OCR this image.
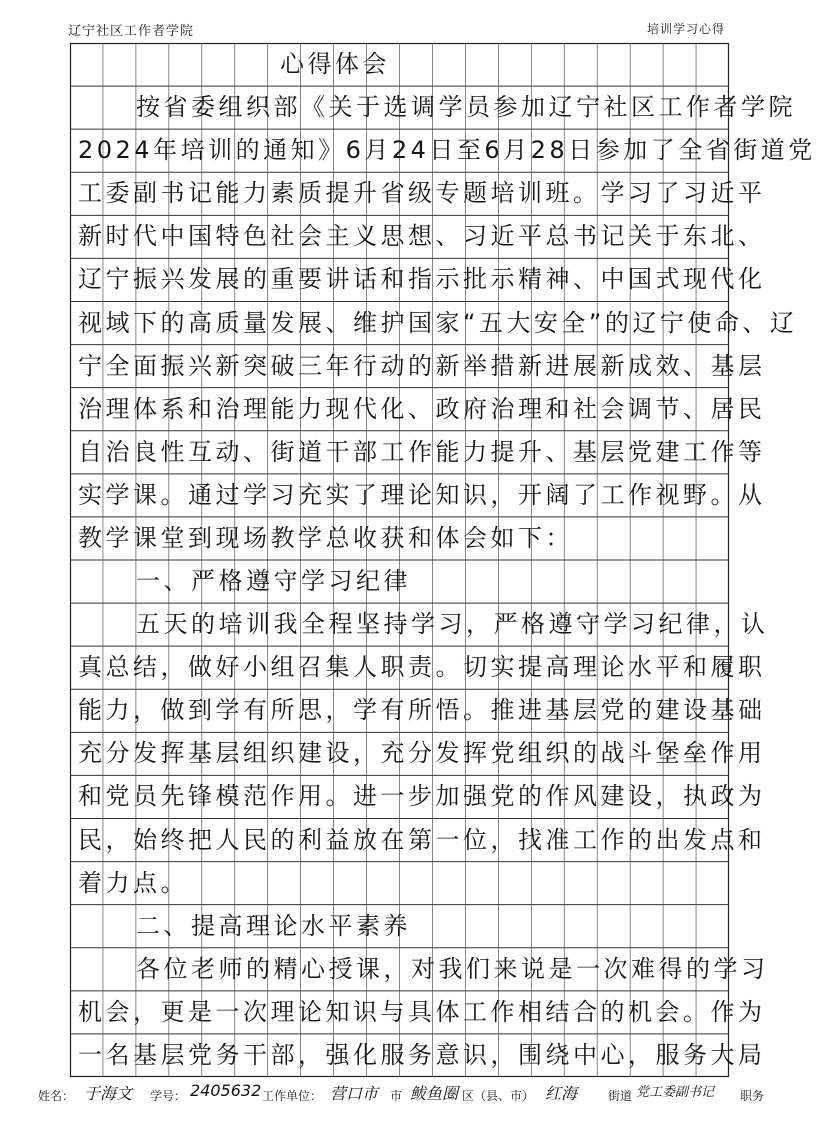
辽宁社区工作者学院	培训学习心得
心得体会
按省委组织部《关于选调学员参加辽宁社区工作者学院
2024年培训的通知》6月24日至6月28日参加了全省街道党
工委副书记能力素质提升省级专题培训班。学习了习近平
新时代中国特色社会主义思想、习近平总书记关于东北、
辽宁振兴发展的重要讲话和指示批示精神、中国式现代化
视域下的高质量发展、维护国家“五大安全”的辽宁使命、辽
宁全面振兴新突破三年行动的新举措新进展新成效、基层
治理体系和治理能力现代化、政府治理和社会调节、居民
自治良性互动、街道干部工作能力提升、基层党建工作等
实学课。通过学习充实了理论知识，开阔了工作视野。从
教学课堂到现场教学总收获和体会如下：
一、严格遵守学习纪律
五天的培训我全程坚持学习，严格遵守学习纪律，认
真总结，做好小组召集人职责。切实提高理论水平和履职
能力，做到学有所思，学有所悟。推进基层党的建设基础
充分发挥基层组织建设，充分发挥党组织的战斗堡垒作用
和党员先锋模范作用。进一步加强党的作风建设，执政为
民，始终把人民的利益放在第一位，找准工作的出发点和
着力点。
二、提高理论水平素养
各位老师的精心授课，对我们来说是一次难得的学习
机会，更是一次理论知识与具体工作相结合的机会。作为
一名基层党务干部，强化服务意识，围绕中心，服务大局
姓名： 于海文 学号： 2405632 工作单位： 营口市 市 鲅鱼圈 区（县、市） 红海	街道 党工委副书记 职务
